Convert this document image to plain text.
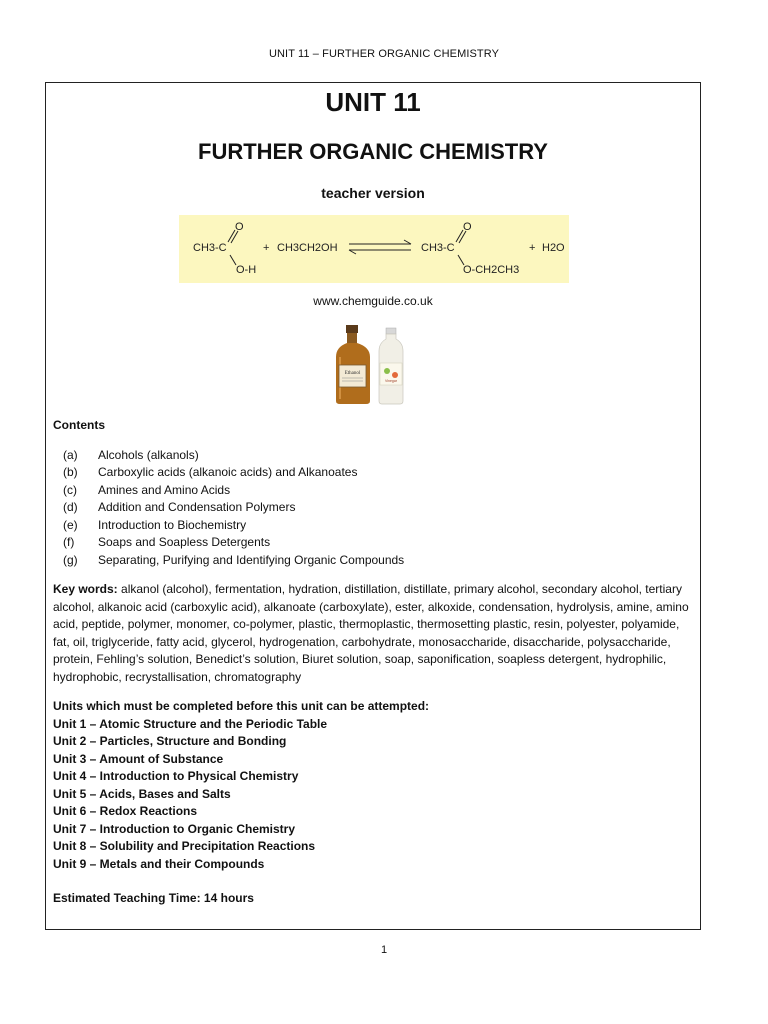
UNIT 11 – FURTHER ORGANIC CHEMISTRY
UNIT 11
FURTHER ORGANIC CHEMISTRY
teacher version
CH3-C
O
O-H
+ CH3CH2OH	CH3-C
O
O-CH2CH3
+ H2O
www.chemguide.co.uk
Ethanol
Vinegar
Contents
(a)	Alcohols (alkanols)
(b)	Carboxylic acids (alkanoic acids) and Alkanoates
(c)	Amines and Amino Acids
(d)	Addition and Condensation Polymers
(e)	Introduction to Biochemistry
(f)	Soaps and Soapless Detergents
(g)	Separating, Purifying and Identifying Organic Compounds
Key words: alkanol (alcohol), fermentation, hydration, distillation, distillate, primary alcohol, secondary alcohol, tertiary alcohol, alkanoic acid (carboxylic acid), alkanoate (carboxylate), ester, alkoxide, condensation, hydrolysis, amine, amino acid, peptide, polymer, monomer, co-polymer, plastic, thermoplastic, thermosetting plastic, resin, polyester, polyamide, fat, oil, triglyceride, fatty acid, glycerol, hydrogenation, carbohydrate, monosaccharide, disaccharide, polysaccharide, protein, Fehling’s solution, Benedict’s solution, Biuret solution, soap, saponification, soapless detergent, hydrophilic, hydrophobic, recrystallisation, chromatography
Units which must be completed before this unit can be attempted:
Unit 1 – Atomic Structure and the Periodic Table
Unit 2 – Particles, Structure and Bonding
Unit 3 – Amount of Substance
Unit 4 – Introduction to Physical Chemistry
Unit 5 – Acids, Bases and Salts
Unit 6 – Redox Reactions
Unit 7 – Introduction to Organic Chemistry
Unit 8 – Solubility and Precipitation Reactions
Unit 9 – Metals and their Compounds
Estimated Teaching Time: 14 hours
1
